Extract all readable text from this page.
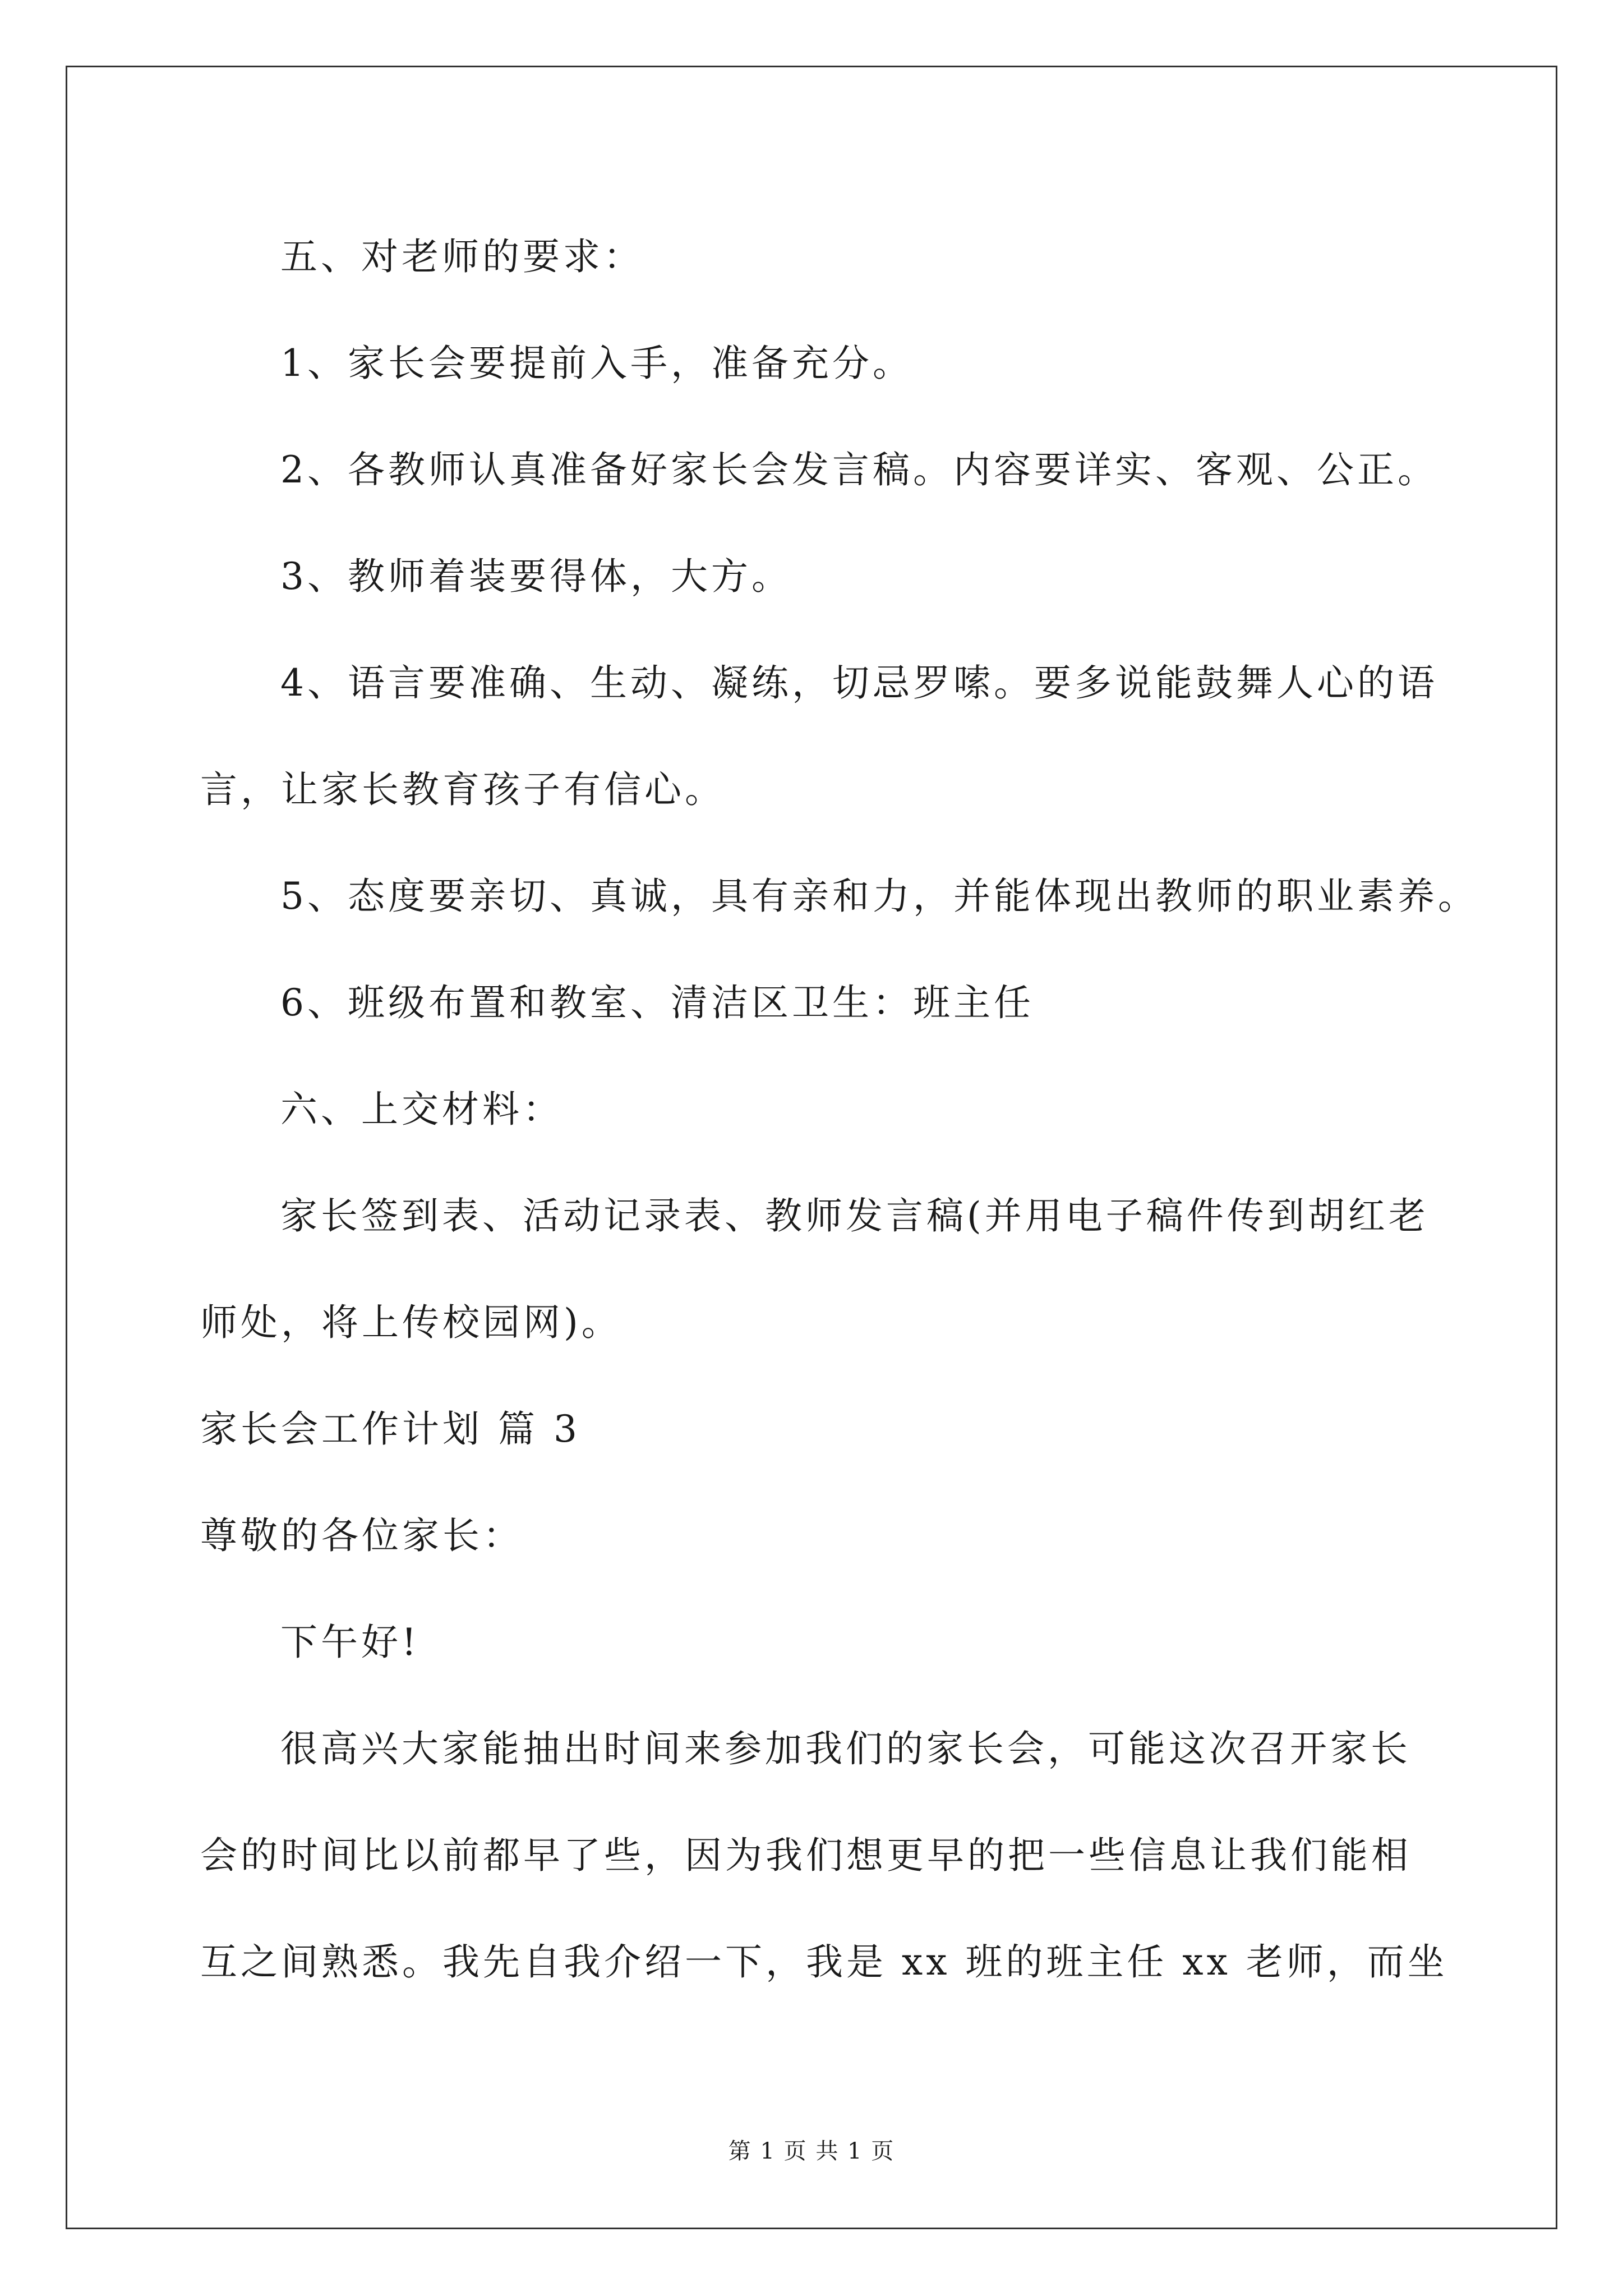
五、对老师的要求：
1、家长会要提前入手，准备充分。
2、各教师认真准备好家长会发言稿。内容要详实、客观、公正。
3、教师着装要得体，大方。
4、语言要准确、生动、凝练，切忌罗嗦。要多说能鼓舞人心的语
言，让家长教育孩子有信心。
5、态度要亲切、真诚，具有亲和力，并能体现出教师的职业素养。
6、班级布置和教室、清洁区卫生：班主任
六、上交材料：
家长签到表、活动记录表、教师发言稿(并用电子稿件传到胡红老
师处，将上传校园网)。
家长会工作计划 篇 3
尊敬的各位家长：
下午好!
很高兴大家能抽出时间来参加我们的家长会，可能这次召开家长
会的时间比以前都早了些，因为我们想更早的把一些信息让我们能相
互之间熟悉。我先自我介绍一下，我是 xx 班的班主任 xx 老师，而坐
第 1 页 共 1 页
